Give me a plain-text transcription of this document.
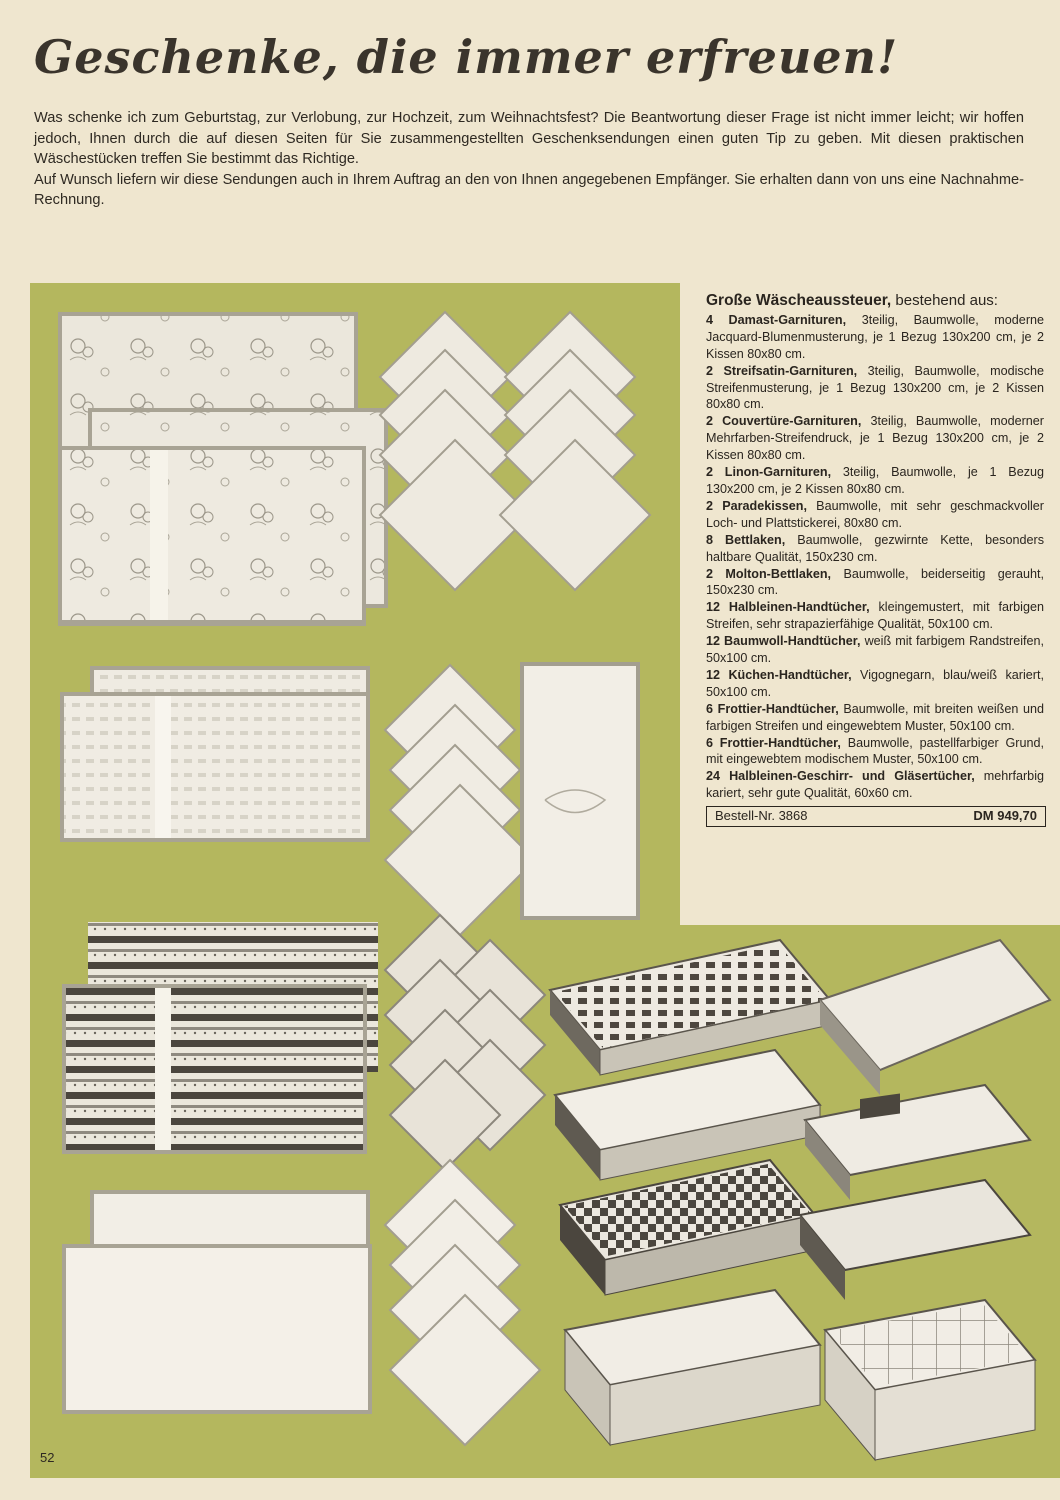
Geschenke, die immer erfreuen!

Was schenke ich zum Geburtstag, zur Verlobung, zur Hochzeit, zum Weihnachtsfest? Die Beantwortung dieser Frage ist nicht immer leicht; wir hoffen jedoch, Ihnen durch die auf diesen Seiten für Sie zusammengestellten Geschenksendungen einen guten Tip zu geben. Mit diesen praktischen Wäschestücken treffen Sie bestimmt das Richtige.

Auf Wunsch liefern wir diese Sendungen auch in Ihrem Auftrag an den von Ihnen angegebenen Empfänger. Sie erhalten dann von uns eine Nachnahme-Rechnung.

Große Wäscheaussteuer, bestehend aus:

4 Damast-Garnituren, 3teilig, Baumwolle, moderne Jacquard-Blumenmusterung, je 1 Bezug 130x200 cm, je 2 Kissen 80x80 cm.

2 Streifsatin-Garnituren, 3teilig, Baumwolle, modische Streifenmusterung, je 1 Bezug 130x200 cm, je 2 Kissen 80x80 cm.

2 Couvertüre-Garnituren, 3teilig, Baumwolle, moderner Mehrfarben-Streifendruck, je 1 Bezug 130x200 cm, je 2 Kissen 80x80 cm.

2 Linon-Garnituren, 3teilig, Baumwolle, je 1 Bezug 130x200 cm, je 2 Kissen 80x80 cm.

2 Paradekissen, Baumwolle, mit sehr geschmackvoller Loch- und Plattstickerei, 80x80 cm.

8 Bettlaken, Baumwolle, gezwirnte Kette, besonders haltbare Qualität, 150x230 cm.

2 Molton-Bettlaken, Baumwolle, beiderseitig gerauht, 150x230 cm.

12 Halbleinen-Handtücher, kleingemustert, mit farbigen Streifen, sehr strapazierfähige Qualität, 50x100 cm.

12 Baumwoll-Handtücher, weiß mit farbigem Randstreifen, 50x100 cm.

12 Küchen-Handtücher, Vigognegarn, blau/weiß kariert, 50x100 cm.

6 Frottier-Handtücher, Baumwolle, mit breiten weißen und farbigen Streifen und eingewebtem Muster, 50x100 cm.

6 Frottier-Handtücher, Baumwolle, pastellfarbiger Grund, mit eingewebtem modischem Muster, 50x100 cm.

24 Halbleinen-Geschirr- und Gläsertücher, mehrfarbig kariert, sehr gute Qualität, 60x60 cm.

Bestell-Nr. 3868	DM 949,70
52
